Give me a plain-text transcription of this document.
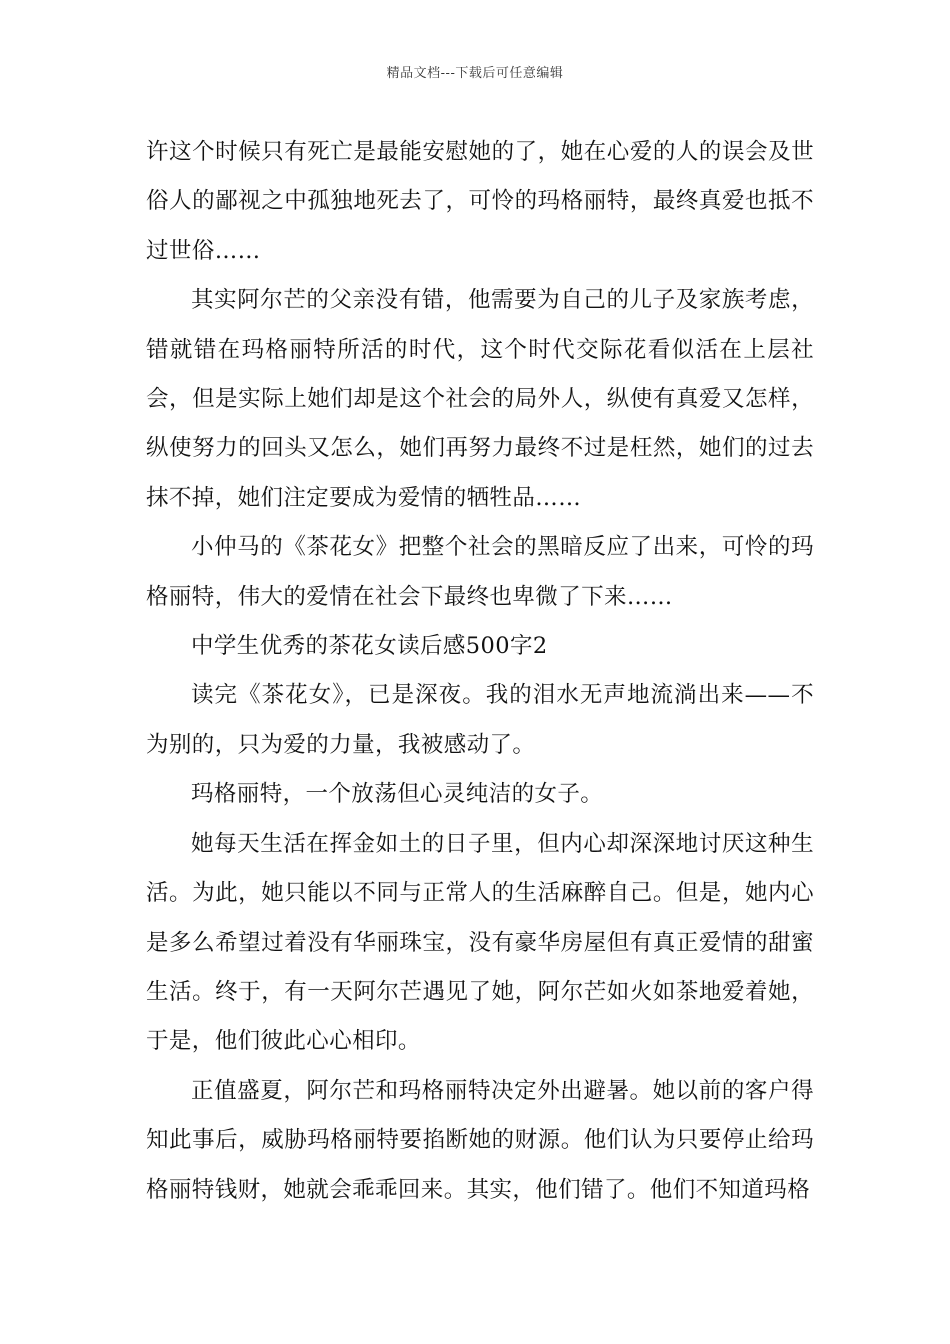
精品文档---下载后可任意编辑

许这个时候只有死亡是最能安慰她的了，她在心爱的人的误会及世俗人的鄙视之中孤独地死去了，可怜的玛格丽特，最终真爱也抵不过世俗……

其实阿尔芒的父亲没有错，他需要为自己的儿子及家族考虑，错就错在玛格丽特所活的时代，这个时代交际花看似活在上层社会，但是实际上她们却是这个社会的局外人，纵使有真爱又怎样，纵使努力的回头又怎么，她们再努力最终不过是枉然，她们的过去抹不掉，她们注定要成为爱情的牺牲品……

小仲马的《茶花女》把整个社会的黑暗反应了出来，可怜的玛格丽特，伟大的爱情在社会下最终也卑微了下来……

中学生优秀的茶花女读后感500字2

读完《茶花女》，已是深夜。我的泪水无声地流淌出来——不为别的，只为爱的力量，我被感动了。

玛格丽特，一个放荡但心灵纯洁的女子。

她每天生活在挥金如土的日子里，但内心却深深地讨厌这种生活。为此，她只能以不同与正常人的生活麻醉自己。但是，她内心是多么希望过着没有华丽珠宝，没有豪华房屋但有真正爱情的甜蜜生活。终于，有一天阿尔芒遇见了她，阿尔芒如火如茶地爱着她，于是，他们彼此心心相印。

正值盛夏，阿尔芒和玛格丽特决定外出避暑。她以前的客户得知此事后，威胁玛格丽特要掐断她的财源。他们认为只要停止给玛格丽特钱财，她就会乖乖回来。其实，他们错了。他们不知道玛格
